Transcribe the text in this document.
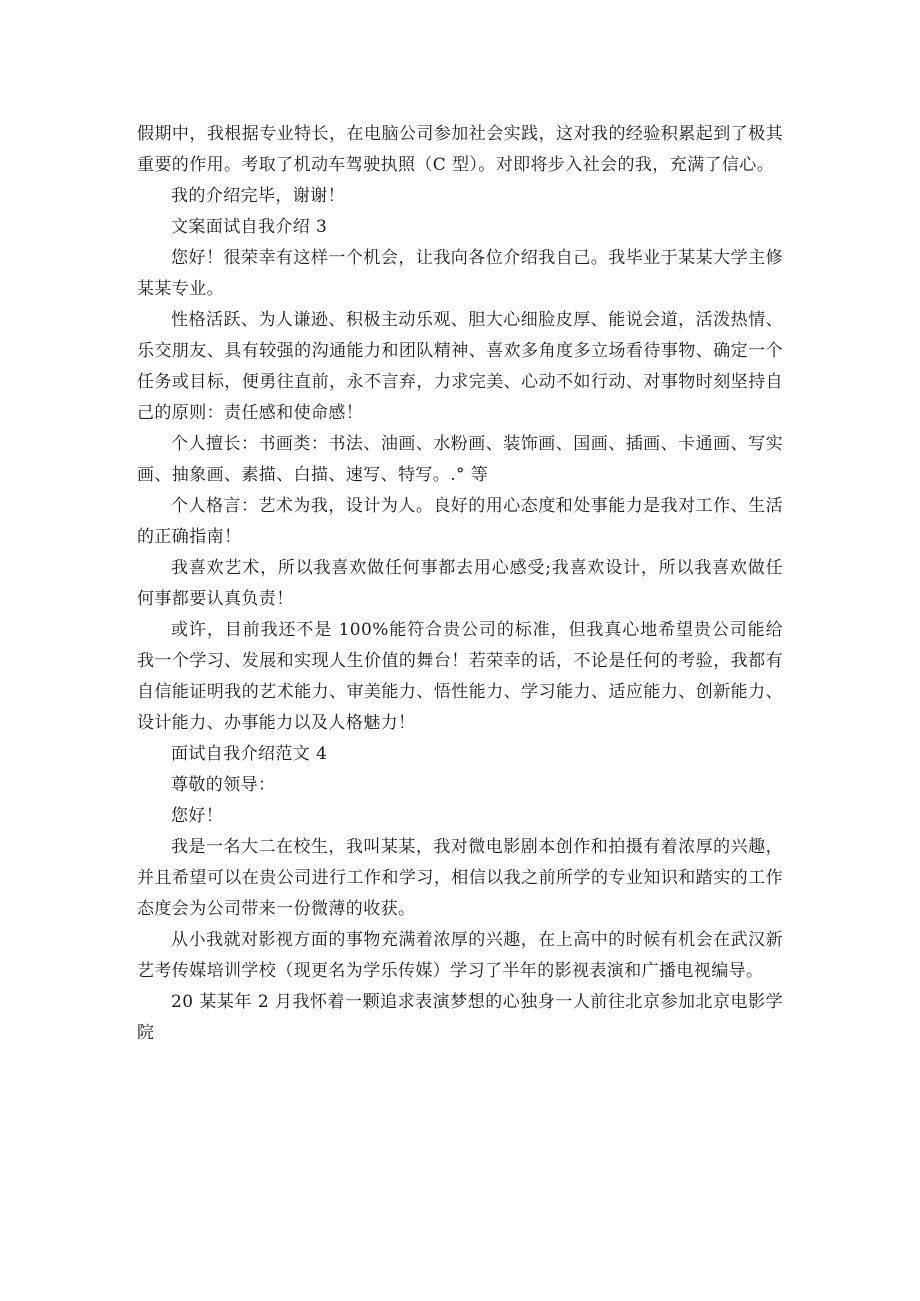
假期中，我根据专业特长，在电脑公司参加社会实践，这对我的经验积累起到了极其重要的作用。考取了机动车驾驶执照（C 型）。对即将步入社会的我，充满了信心。

我的介绍完毕，谢谢！

文案面试自我介绍 3

您好！很荣幸有这样一个机会，让我向各位介绍我自己。我毕业于某某大学主修某某专业。

性格活跃、为人谦逊、积极主动乐观、胆大心细脸皮厚、能说会道，活泼热情、乐交朋友、具有较强的沟通能力和团队精神、喜欢多角度多立场看待事物、确定一个任务或目标，便勇往直前，永不言弃，力求完美、心动不如行动、对事物时刻坚持自己的原则：责任感和使命感！

个人擅长：书画类：书法、油画、水粉画、装饰画、国画、插画、卡通画、写实画、抽象画、素描、白描、速写、特写。.° 等

个人格言：艺术为我，设计为人。良好的用心态度和处事能力是我对工作、生活的正确指南！

我喜欢艺术，所以我喜欢做任何事都去用心感受;我喜欢设计，所以我喜欢做任何事都要认真负责！

或许，目前我还不是 100%能符合贵公司的标准，但我真心地希望贵公司能给我一个学习、发展和实现人生价值的舞台！若荣幸的话，不论是任何的考验，我都有自信能证明我的艺术能力、审美能力、悟性能力、学习能力、适应能力、创新能力、设计能力、办事能力以及人格魅力！

面试自我介绍范文 4

尊敬的领导：

您好！

我是一名大二在校生，我叫某某，我对微电影剧本创作和拍摄有着浓厚的兴趣，并且希望可以在贵公司进行工作和学习，相信以我之前所学的专业知识和踏实的工作态度会为公司带来一份微薄的收获。

从小我就对影视方面的事物充满着浓厚的兴趣，在上高中的时候有机会在武汉新艺考传媒培训学校（现更名为学乐传媒）学习了半年的影视表演和广播电视编导。

20 某某年 2 月我怀着一颗追求表演梦想的心独身一人前往北京参加北京电影学院
